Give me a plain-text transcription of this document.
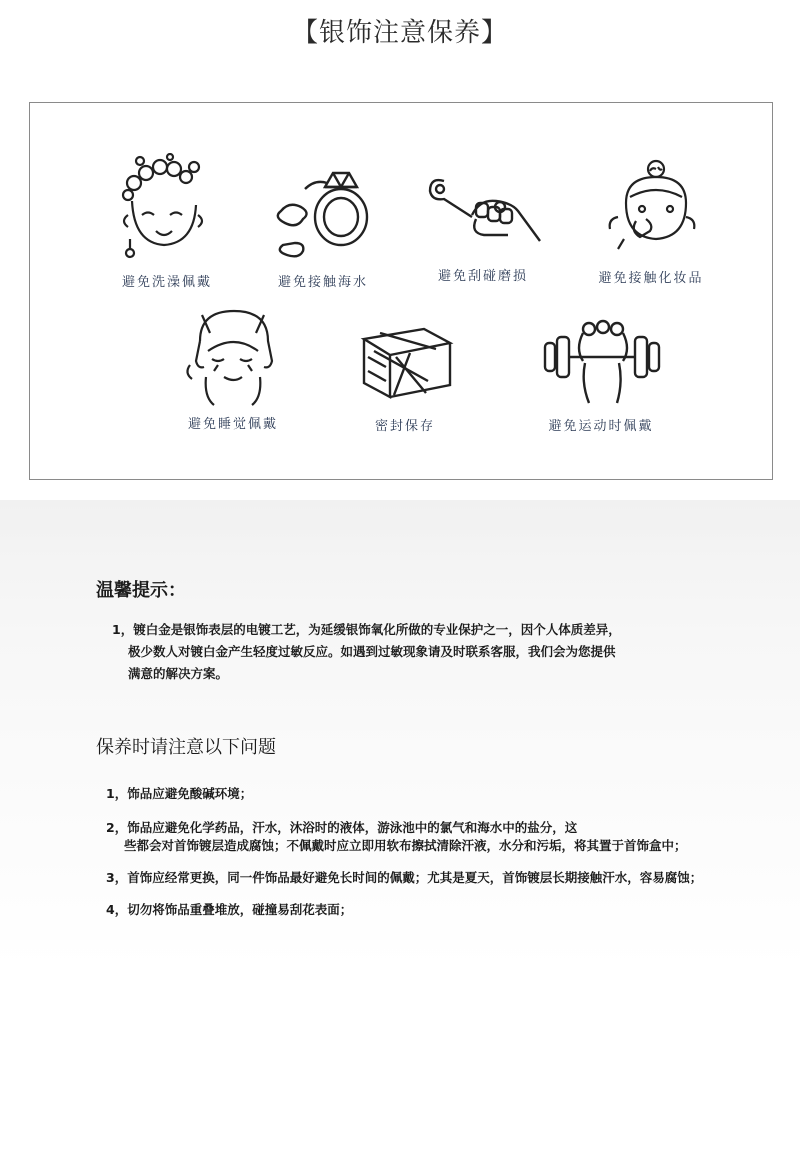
【银饰注意保养】
避免洗澡佩戴	避免接触海水	避免刮碰磨损	避免接触化妆品
避免睡觉佩戴	密封保存	避免运动时佩戴
温馨提示：
1，镀白金是银饰表层的电镀工艺，为延缓银饰氧化所做的专业保护之一，因个人体质差异，
极少数人对镀白金产生轻度过敏反应。如遇到过敏现象请及时联系客服，我们会为您提供
满意的解决方案。
保养时请注意以下问题
1，饰品应避免酸碱环境；
2，饰品应避免化学药品，汗水，沐浴时的液体，游泳池中的氯气和海水中的盐分，这
些都会对首饰镀层造成腐蚀；不佩戴时应立即用软布擦拭清除汗液，水分和污垢，将其置于首饰盒中；
3，首饰应经常更换，同一件饰品最好避免长时间的佩戴；尤其是夏天，首饰镀层长期接触汗水，容易腐蚀；
4，切勿将饰品重叠堆放，碰撞易刮花表面；
